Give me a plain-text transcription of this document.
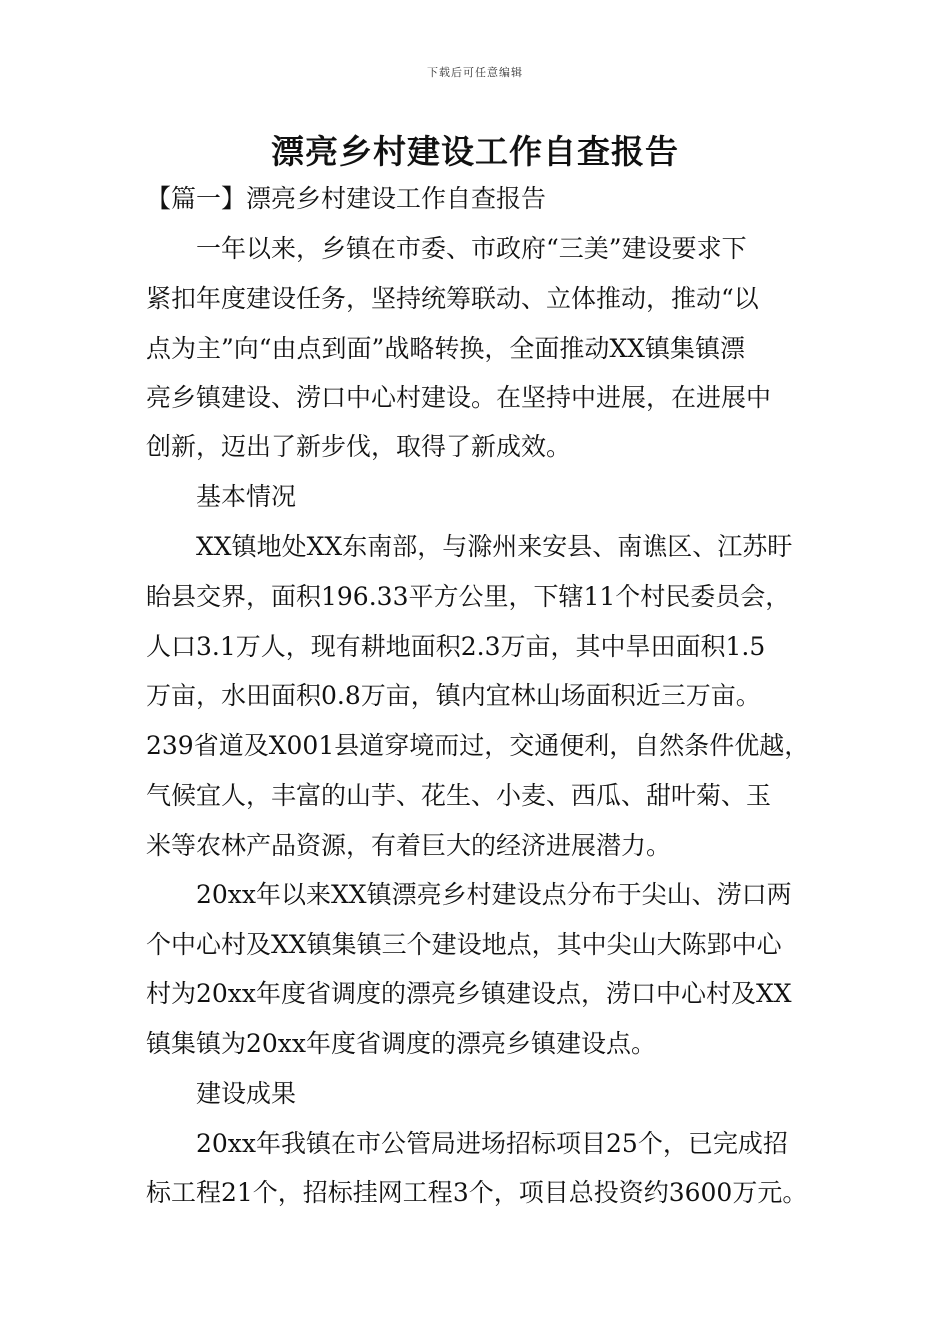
下载后可任意编辑
漂亮乡村建设工作自查报告
【篇一】漂亮乡村建设工作自查报告
一年以来，乡镇在市委、市政府“三美”建设要求下
紧扣年度建设任务，坚持统筹联动、立体推动，推动“以
点为主”向“由点到面”战略转换，全面推动XX镇集镇漂
亮乡镇建设、涝口中心村建设。在坚持中进展，在进展中
创新，迈出了新步伐，取得了新成效。
基本情况
XX镇地处XX东南部，与滁州来安县、南谯区、江苏盱
眙县交界，面积196.33平方公里，下辖11个村民委员会，
人口3.1万人，现有耕地面积2.3万亩，其中旱田面积1.5
万亩，水田面积0.8万亩，镇内宜林山场面积近三万亩。
239省道及X001县道穿境而过，交通便利，自然条件优越，
气候宜人，丰富的山芋、花生、小麦、西瓜、甜叶菊、玉
米等农林产品资源，有着巨大的经济进展潜力。
20xx年以来XX镇漂亮乡村建设点分布于尖山、涝口两
个中心村及XX镇集镇三个建设地点，其中尖山大陈郢中心
村为20xx年度省调度的漂亮乡镇建设点，涝口中心村及XX
镇集镇为20xx年度省调度的漂亮乡镇建设点。
建设成果
20xx年我镇在市公管局进场招标项目25个，已完成招
标工程21个，招标挂网工程3个，项目总投资约3600万元。
